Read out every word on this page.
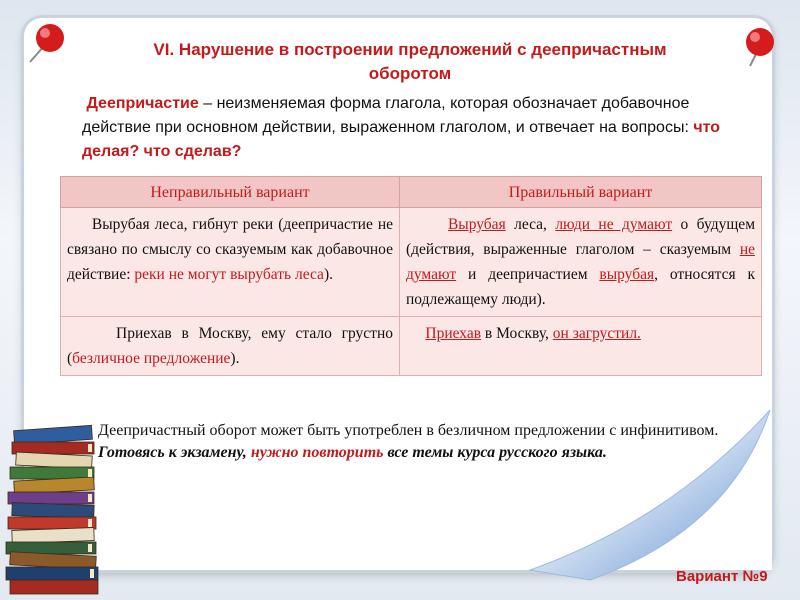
VI. Нарушение в построении предложений с деепричастным
оборотом
Деепричастие – неизменяемая форма глагола, которая обозначает добавочное действие при основном действии, выраженном глаголом, и отвечает на вопросы: что делая? что сделав?
Неправильный вариант	Правильный вариант
Вырубая леса, гибнут реки (деепричастие не связано по смыслу со сказуемым как добавочное действие: реки не могут вырубать леса).	Вырубая леса, люди не думают о будущем (действия, выраженные глаголом – сказуемым не думают и деепричастием вырубая, относятся к подлежащему люди).
Приехав в Москву, ему стало грустно (безличное предложение).	Приехав в Москву, он загрустил.
Деепричастный оборот может быть употреблен в безличном предложении с инфинитивом.
Готовясь к экзамену, нужно повторить все темы курса русского языка.
Вариант №9
